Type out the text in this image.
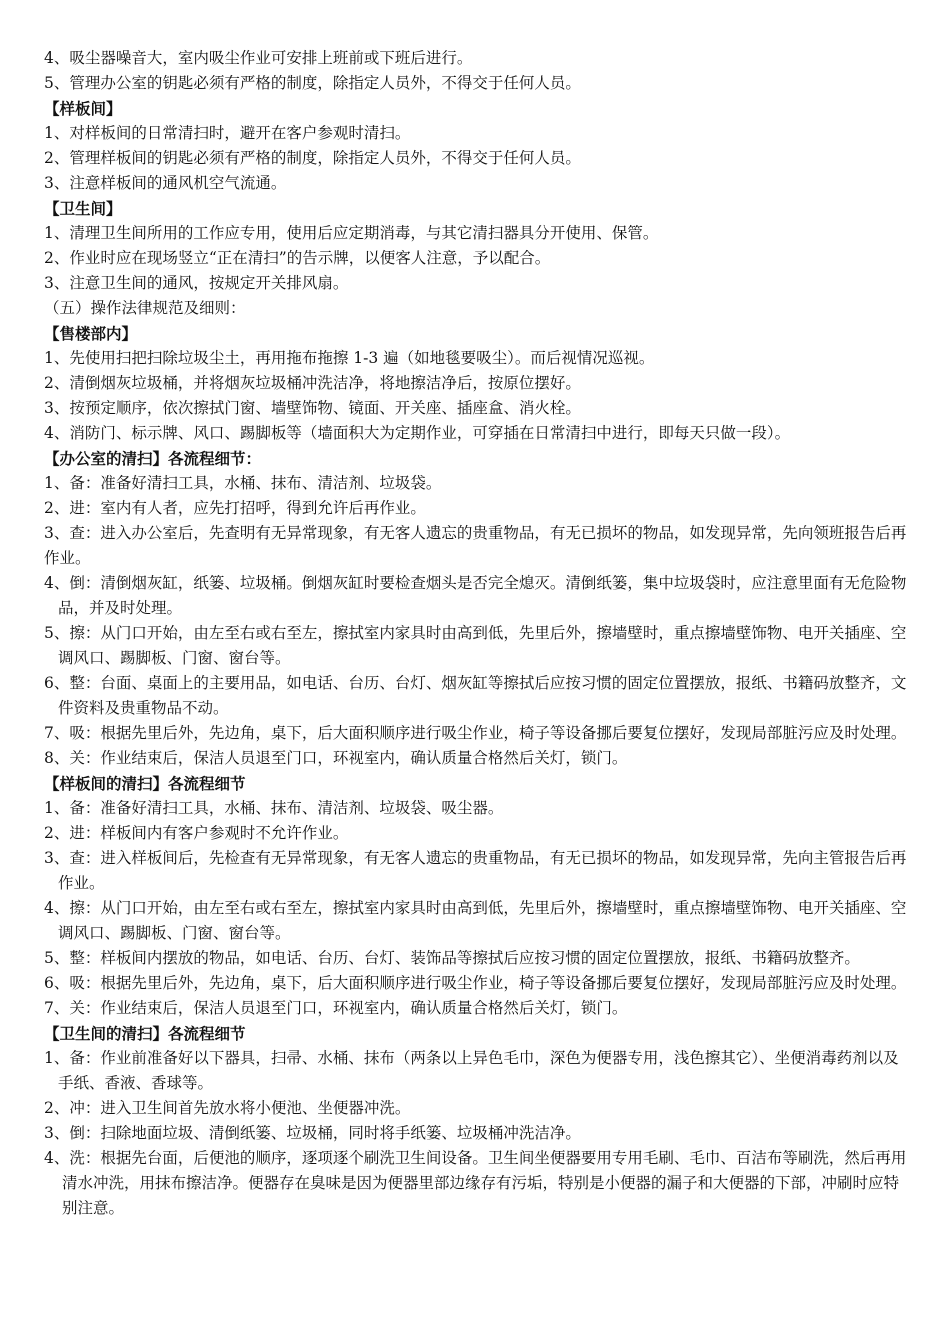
4、吸尘器噪音大，室内吸尘作业可安排上班前或下班后进行。

5、管理办公室的钥匙必须有严格的制度，除指定人员外，不得交于任何人员。

【样板间】

1、对样板间的日常清扫时，避开在客户参观时清扫。

2、管理样板间的钥匙必须有严格的制度，除指定人员外，不得交于任何人员。

3、注意样板间的通风机空气流通。

【卫生间】

1、清理卫生间所用的工作应专用，使用后应定期消毒，与其它清扫器具分开使用、保管。

2、作业时应在现场竖立“正在清扫”的告示牌，以便客人注意，予以配合。

3、注意卫生间的通风，按规定开关排风扇。

（五）操作法律规范及细则：

【售楼部内】

1、先使用扫把扫除垃圾尘土，再用拖布拖擦 1-3 遍（如地毯要吸尘）。而后视情况巡视。

2、清倒烟灰垃圾桶，并将烟灰垃圾桶冲洗洁净，将地擦洁净后，按原位摆好。

3、按预定顺序，依次擦拭门窗、墙壁饰物、镜面、开关座、插座盒、消火栓。

4、消防门、标示牌、风口、踢脚板等（墙面积大为定期作业，可穿插在日常清扫中进行，即每天只做一段）。

【办公室的清扫】各流程细节：

1、备：准备好清扫工具，水桶、抹布、清洁剂、垃圾袋。

2、进：室内有人者，应先打招呼，得到允许后再作业。

3、查：进入办公室后，先查明有无异常现象，有无客人遗忘的贵重物品，有无已损坏的物品，如发现异常，先向领班报告后再作业。

4、倒：清倒烟灰缸，纸篓、垃圾桶。倒烟灰缸时要检查烟头是否完全熄灭。清倒纸篓，集中垃圾袋时，应注意里面有无危险物品，并及时处理。

5、擦：从门口开始，由左至右或右至左，擦拭室内家具时由高到低，先里后外，擦墙壁时，重点擦墙壁饰物、电开关插座、空调风口、踢脚板、门窗、窗台等。

6、整：台面、桌面上的主要用品，如电话、台历、台灯、烟灰缸等擦拭后应按习惯的固定位置摆放，报纸、书籍码放整齐，文件资料及贵重物品不动。

7、吸：根据先里后外，先边角，桌下，后大面积顺序进行吸尘作业，椅子等设备挪后要复位摆好，发现局部脏污应及时处理。

8、关：作业结束后，保洁人员退至门口，环视室内，确认质量合格然后关灯，锁门。

【样板间的清扫】各流程细节

1、备：准备好清扫工具，水桶、抹布、清洁剂、垃圾袋、吸尘器。

2、进：样板间内有客户参观时不允许作业。

3、查：进入样板间后，先检查有无异常现象，有无客人遗忘的贵重物品，有无已损坏的物品，如发现异常，先向主管报告后再作业。

4、擦：从门口开始，由左至右或右至左，擦拭室内家具时由高到低，先里后外，擦墙壁时，重点擦墙壁饰物、电开关插座、空调风口、踢脚板、门窗、窗台等。

5、整：样板间内摆放的物品，如电话、台历、台灯、装饰品等擦拭后应按习惯的固定位置摆放，报纸、书籍码放整齐。

6、吸：根据先里后外，先边角，桌下，后大面积顺序进行吸尘作业，椅子等设备挪后要复位摆好，发现局部脏污应及时处理。

7、关：作业结束后，保洁人员退至门口，环视室内，确认质量合格然后关灯，锁门。

【卫生间的清扫】各流程细节

1、备：作业前准备好以下器具，扫帚、水桶、抹布（两条以上异色毛巾，深色为便器专用，浅色擦其它）、坐便消毒药剂以及手纸、香液、香球等。

2、冲：进入卫生间首先放水将小便池、坐便器冲洗。

3、倒：扫除地面垃圾、清倒纸篓、垃圾桶，同时将手纸篓、垃圾桶冲洗洁净。

4、洗：根据先台面，后便池的顺序，逐项逐个刷洗卫生间设备。卫生间坐便器要用专用毛刷、毛巾、百洁布等刷洗，然后再用清水冲洗，用抹布擦洁净。便器存在臭味是因为便器里部边缘存有污垢，特别是小便器的漏子和大便器的下部，冲刷时应特别注意。
